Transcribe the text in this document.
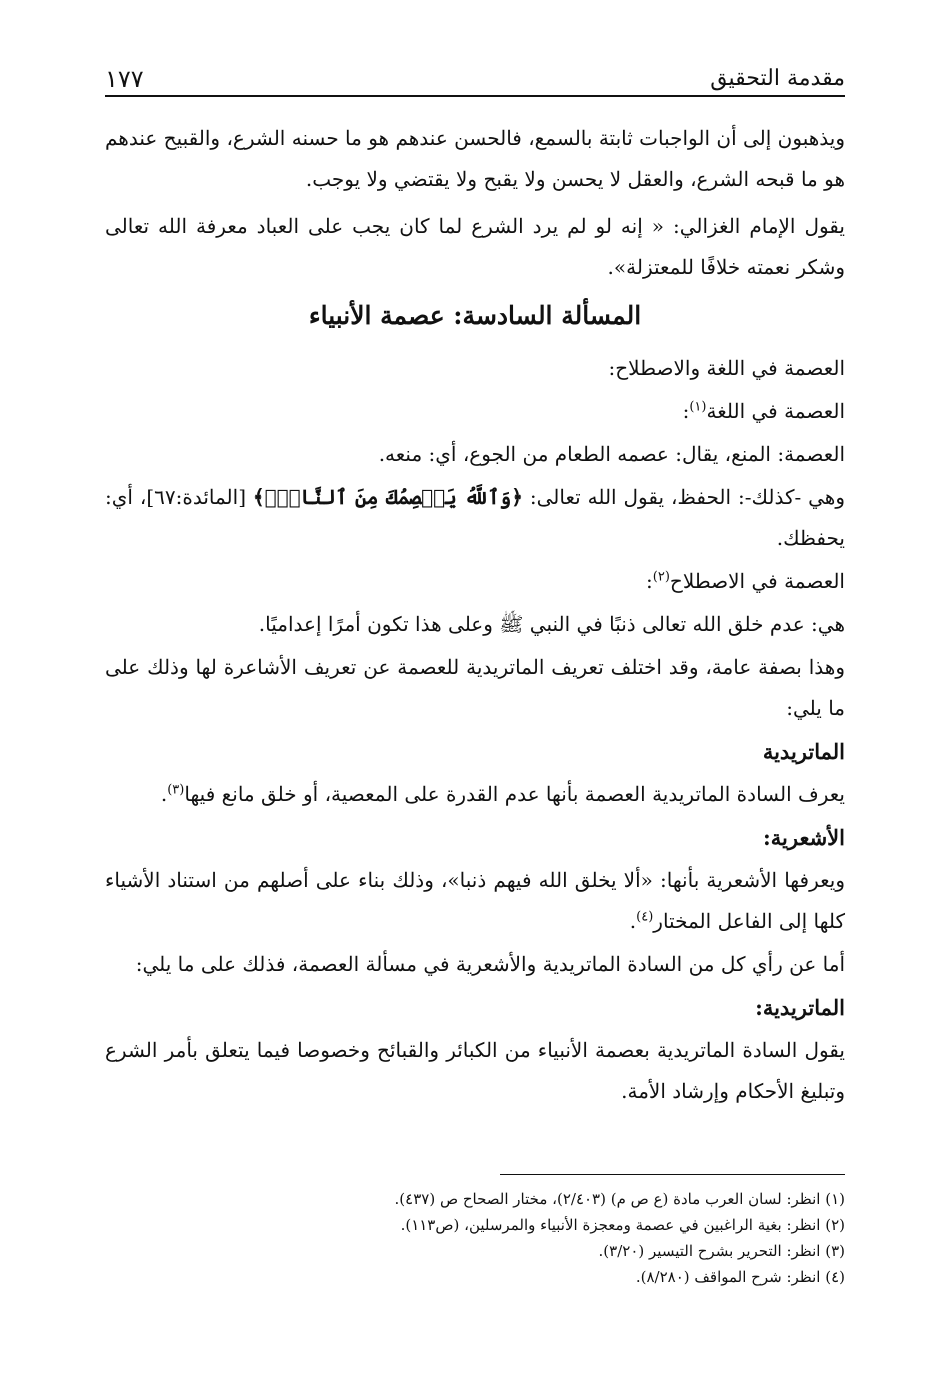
مقدمة التحقيق
١٧٧

ويذهبون إلى أن الواجبات ثابتة بالسمع، فالحسن عندهم هو ما حسنه الشرع، والقبيح عندهم هو ما قبحه الشرع، والعقل لا يحسن ولا يقبح ولا يقتضي ولا يوجب.

يقول الإمام الغزالي: « إنه لو لم يرد الشرع لما كان يجب على العباد معرفة الله تعالى وشكر نعمته خلافًا للمعتزلة».

المسألة السادسة: عصمة الأنبياء

العصمة في اللغة والاصطلاح:

العصمة في اللغة$^{(١)}$:

العصمة: المنع، يقال: عصمه الطعام من الجوع، أي: منعه.

وهي -كذلك-: الحفظ، يقول الله تعالى: ﴿وَٱللَّهُ يَعۡصِمُكَ مِنَ ٱلنَّاسِۗ﴾ [المائدة:٦٧]، أي: يحفظك.

العصمة في الاصطلاح$^{(٢)}$:

هي: عدم خلق الله تعالى ذنبًا في النبي ﷺ وعلى هذا تكون أمرًا إعداميًا.

وهذا بصفة عامة، وقد اختلف تعريف الماتريدية للعصمة عن تعريف الأشاعرة لها وذلك على ما يلي:

الماتريدية

يعرف السادة الماتريدية العصمة بأنها عدم القدرة على المعصية، أو خلق مانع فيها$^{(٣)}$.

الأشعرية:

ويعرفها الأشعرية بأنها: «ألا يخلق الله فيهم ذنبا»، وذلك بناء على أصلهم من استناد الأشياء كلها إلى الفاعل المختار$^{(٤)}$.

أما عن رأي كل من السادة الماتريدية والأشعرية في مسألة العصمة، فذلك على ما يلي:

الماتريدية:

يقول السادة الماتريدية بعصمة الأنبياء من الكبائر والقبائح وخصوصا فيما يتعلق بأمر الشرع وتبليغ الأحكام وإرشاد الأمة.

(١) انظر: لسان العرب مادة (ع ص م) (٢/٤٠٣)، مختار الصحاح ص (٤٣٧).

(٢) انظر: بغية الراغبين في عصمة ومعجزة الأنبياء والمرسلين، (ص١١٣).

(٣) انظر: التحرير بشرح التيسير (٣/٢٠).

(٤) انظر: شرح المواقف (٨/٢٨٠).
